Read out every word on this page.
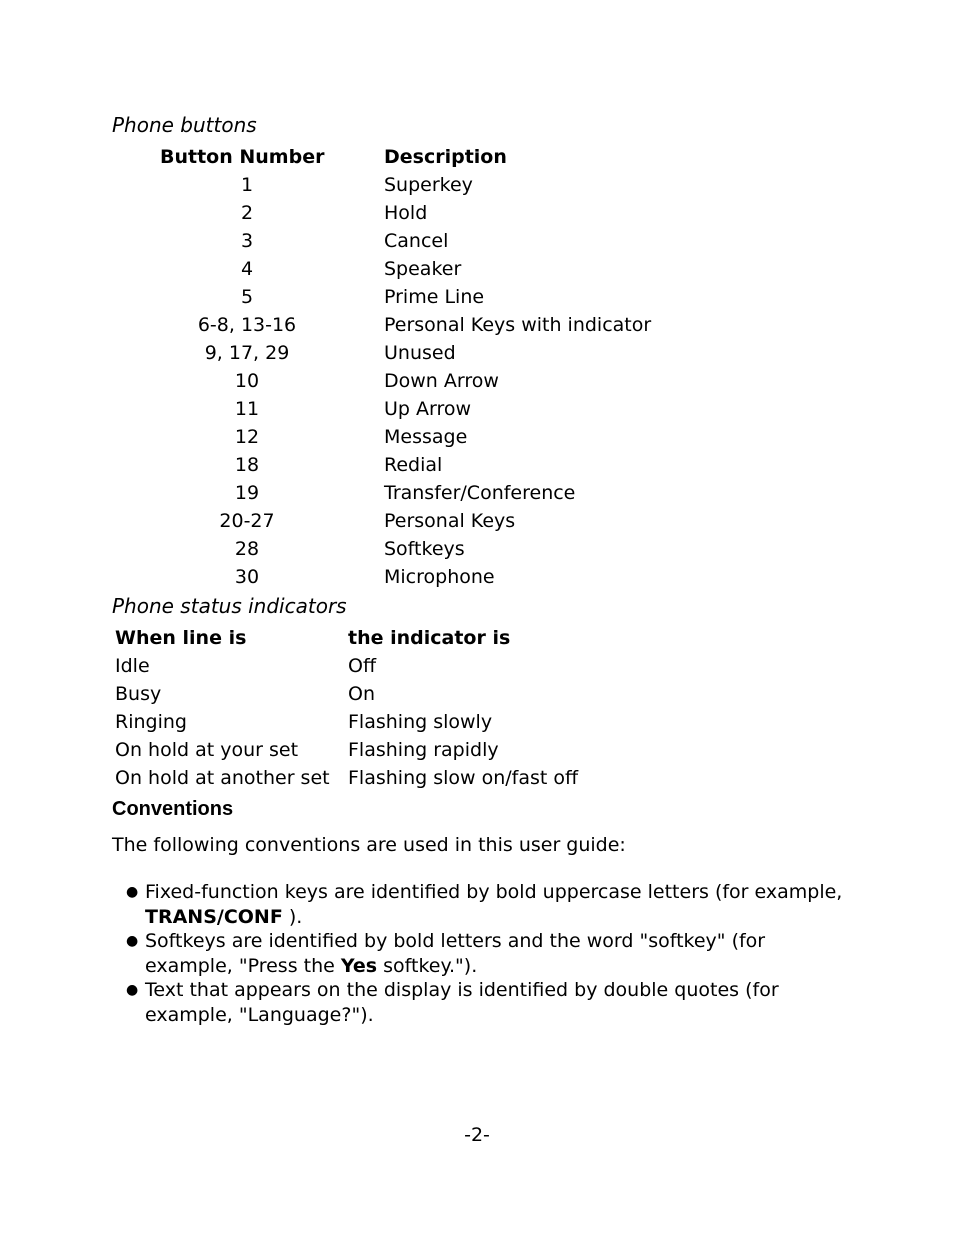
Phone buttons
Button Number	Description
1	Superkey
2	Hold
3	Cancel
4	Speaker
5	Prime Line
6-8, 13-16	Personal Keys with indicator
9, 17, 29	Unused
10	Down Arrow
11	Up Arrow
12	Message
18	Redial
19	Transfer/Conference
20-27	Personal Keys
28	Softkeys
30	Microphone
Phone status indicators
When line is	the indicator is
Idle	Off
Busy	On
Ringing	Flashing slowly
On hold at your set	Flashing rapidly
On hold at another set	Flashing slow on/fast off
Conventions

The following conventions are used in this user guide:

● Fixed-function keys are identified by bold uppercase letters (for example, TRANS/CONF ).
● Softkeys are identified by bold letters and the word "softkey" (for example, "Press the Yes softkey.").
● Text that appears on the display is identified by double quotes (for example, "Language?").
-2-
